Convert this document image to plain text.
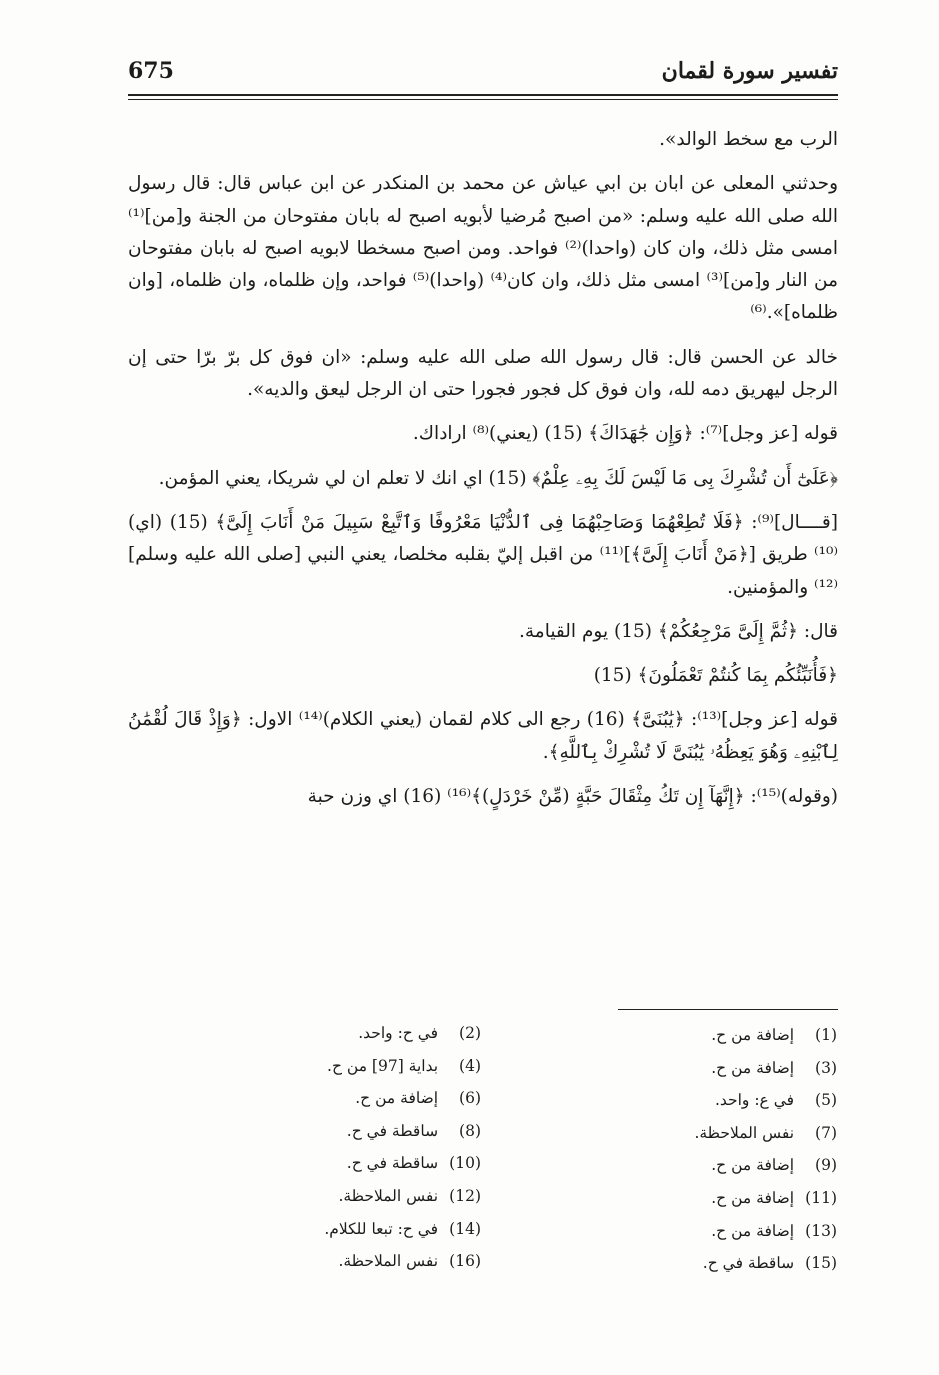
675	تفسير سورة لقمان

الرب مع سخط الوالد».

وحدثني المعلى عن ابان بن ابي عياش عن محمد بن المنكدر عن ابن عباس قال: قال رسول الله صلى الله عليه وسلم: «من اصبح مُرضيا لأبويه اصبح له بابان مفتوحان من الجنة و[من]⁽¹⁾ امسى مثل ذلك، وان كان (واحدا)⁽²⁾ فواحد. ومن اصبح مسخطا لابويه اصبح له بابان مفتوحان من النار و[من]⁽³⁾ امسى مثل ذلك، وان كان⁽⁴⁾ (واحدا)⁽⁵⁾ فواحد، وإن ظلماه، وان ظلماه، [وان ظلماه]».⁽⁶⁾

خالد عن الحسن قال: قال رسول الله صلى الله عليه وسلم: «ان فوق كل برّ برّا حتى إن الرجل ليهريق دمه لله، وان فوق كل فجور فجورا حتى ان الرجل ليعق والديه».

قوله [عز وجل]⁽⁷⁾: ﴿وَإِن جَٰهَدَاكَ﴾ (15) (يعني)⁽⁸⁾ اراداك.

﴿عَلَىٰٓ أَن تُشْرِكَ بِى مَا لَيْسَ لَكَ بِهِۦ عِلْمٌ﴾ (15) اي انك لا تعلم ان لي شريكا، يعني المؤمن.

[قــــال]⁽⁹⁾: ﴿فَلَا تُطِعْهُمَا وَصَاحِبْهُمَا فِى ٱلدُّنْيَا مَعْرُوفًا وَٱتَّبِعْ سَبِيلَ مَنْ أَنَابَ إِلَىَّ﴾ (15) (اي)⁽¹⁰⁾ طريق [﴿مَنْ أَنَابَ إِلَىَّ﴾]⁽¹¹⁾ من اقبل إليّ بقلبه مخلصا، يعني النبي [صلى الله عليه وسلم]⁽¹²⁾ والمؤمنين.

قال: ﴿ثُمَّ إِلَىَّ مَرْجِعُكُمْ﴾ (15) يوم القيامة.

﴿فَأُنَبِّئُكُم بِمَا كُنتُمْ تَعْمَلُونَ﴾ (15)

قوله [عز وجل]⁽¹³⁾: ﴿يَٰبُنَىَّ﴾ (16) رجع الى كلام لقمان (يعني الكلام)⁽¹⁴⁾ الاول: ﴿وَإِذْ قَالَ لُقْمَٰنُ لِٱبْنِهِۦ وَهُوَ يَعِظُهُۥ يَٰبُنَىَّ لَا تُشْرِكْ بِٱللَّهِ﴾.

(وقوله)⁽¹⁵⁾: ﴿إِنَّهَآ إِن تَكُ مِثْقَالَ حَبَّةٍ (مِّنْ خَرْدَلٍ)﴾⁽¹⁶⁾ (16) اي وزن حبة

(1) إضافة من ح.
(3) إضافة من ح.
(5) في ع: واحد.
(7) نفس الملاحظة.
(9) إضافة من ح.
(11) إضافة من ح.
(13) إضافة من ح.
(15) ساقطة في ح.
(2) في ح: واحد.
(4) بداية [97] من ح.
(6) إضافة من ح.
(8) ساقطة في ح.
(10) ساقطة في ح.
(12) نفس الملاحظة.
(14) في ح: تبعا للكلام.
(16) نفس الملاحظة.
